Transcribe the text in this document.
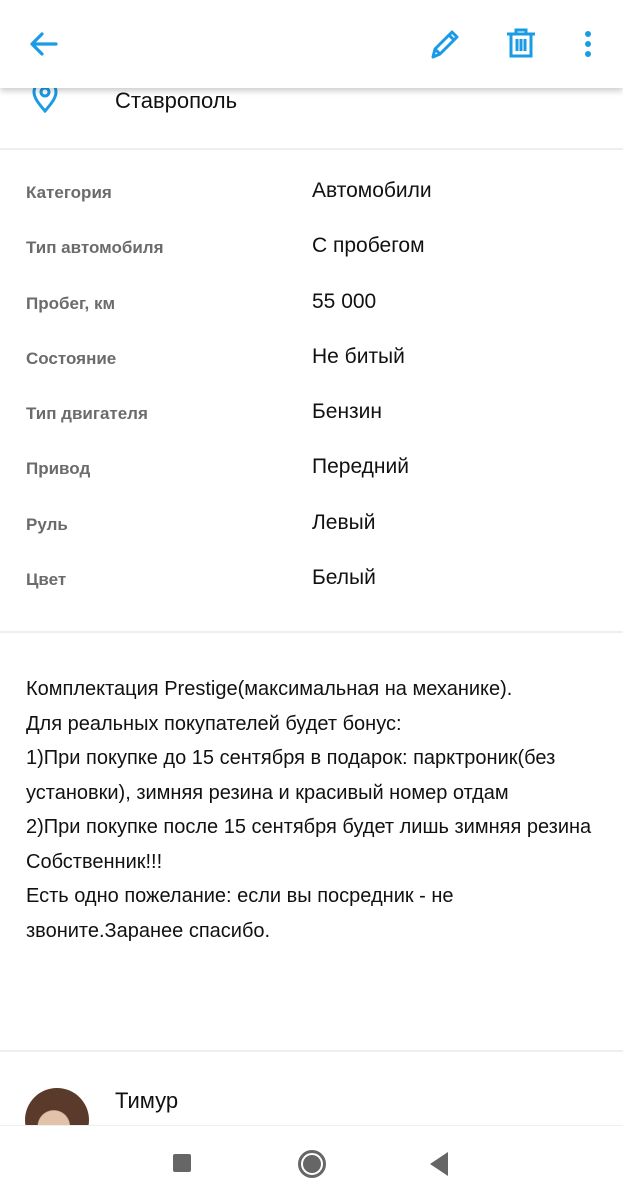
Ставрополь
Категория	Автомобили
Тип автомобиля	С пробегом
Пробег, км	55 000
Состояние	Не битый
Тип двигателя	Бензин
Привод	Передний
Руль	Левый
Цвет	Белый
Комплектация Prestige(максимальная на механике).
Для реальных покупателей будет бонус:
1)При покупке до 15 сентября в подарок: парктроник(без установки), зимняя резина и красивый номер отдам
2)При покупке после 15 сентября будет лишь зимняя резина
Собственник!!!
Есть одно пожелание: если вы посредник - не звоните.Заранее спасибо.
Тимур
